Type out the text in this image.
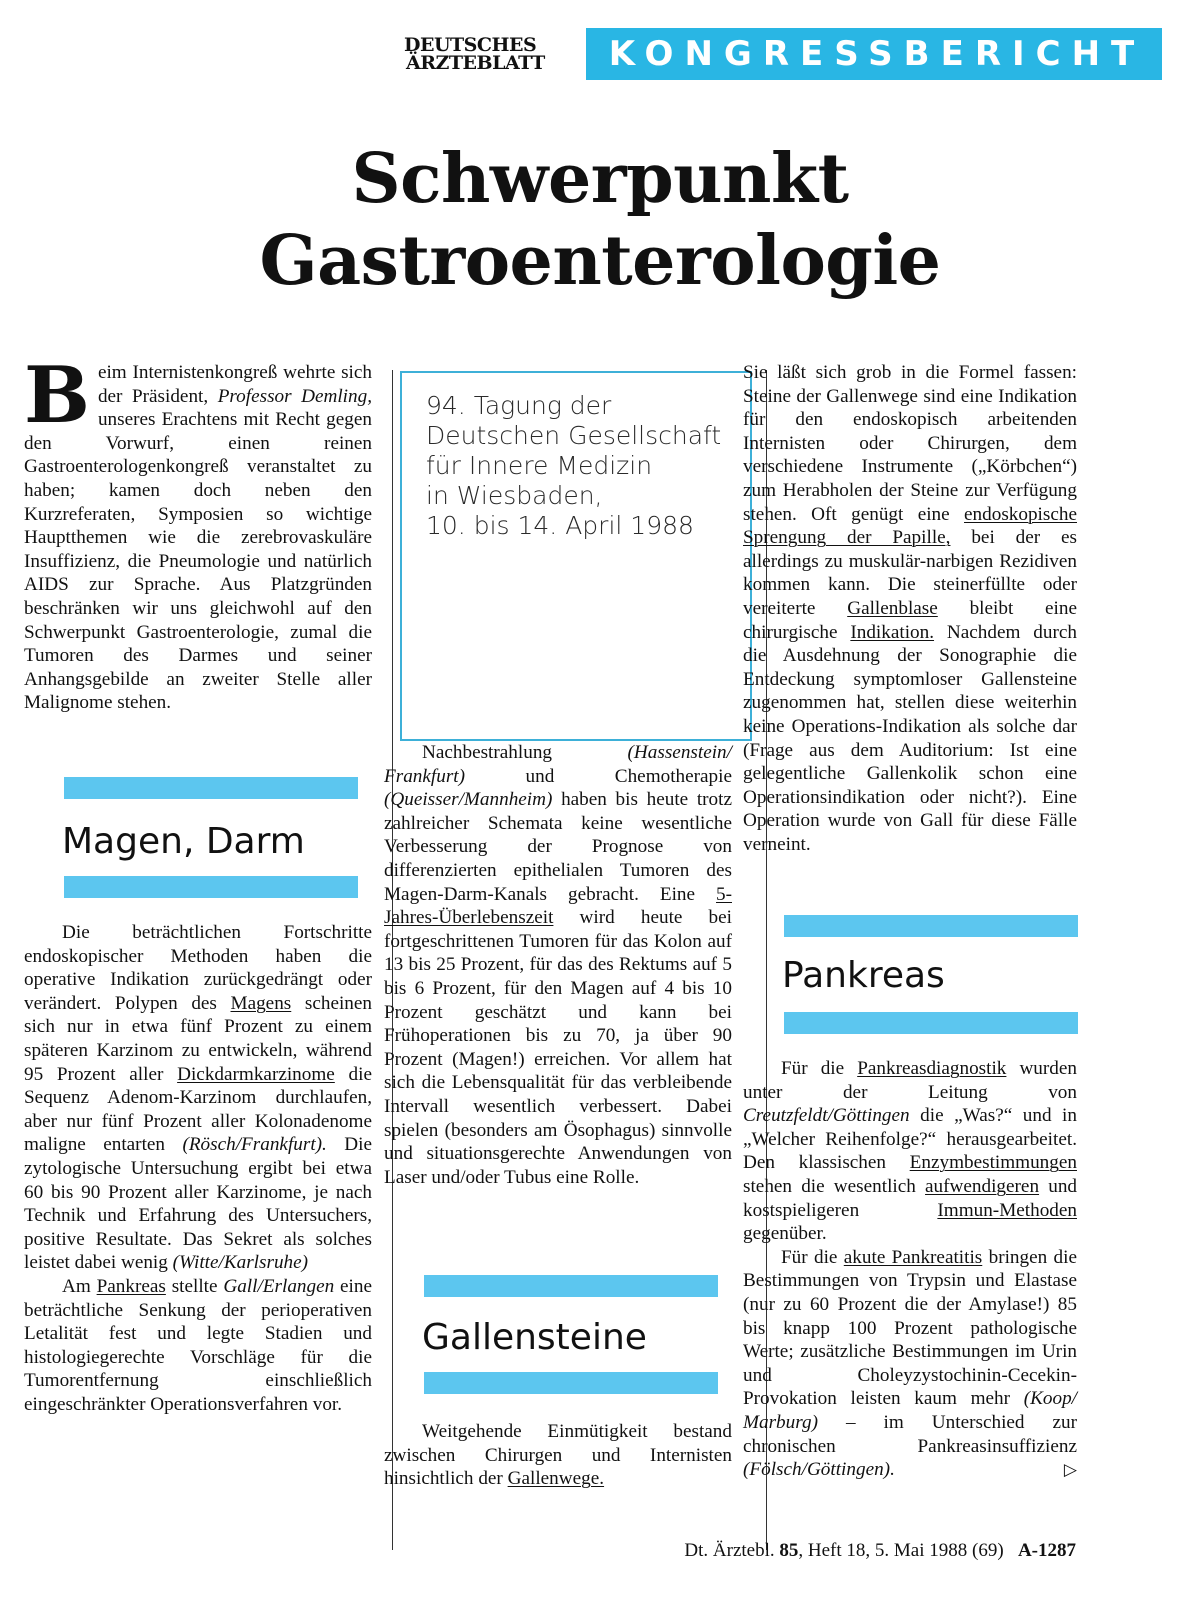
DEUTSCHES
ÄRZTEBLATT	KONGRESSBERICHT
Schwerpunkt
Gastroenterologie

Beim Internistenkongreß wehrte sich der Präsident, Professor Demling, unseres Erachtens mit Recht gegen den Vorwurf, einen reinen Gastroenterologenkongreß veranstaltet zu haben; kamen doch neben den Kurzreferaten, Symposien so wichtige Hauptthemen wie die zerebrovaskuläre Insuffizienz, die Pneumologie und natürlich AIDS zur Sprache. Aus Platzgründen beschränken wir uns gleichwohl auf den Schwerpunkt Gastroenterologie, zumal die Tumoren des Darmes und seiner Anhangsgebilde an zweiter Stelle aller Malignome stehen.

Magen, Darm

Die beträchtlichen Fortschritte endoskopischer Methoden haben die operative Indikation zurückgedrängt oder verändert. Polypen des Magens scheinen sich nur in etwa fünf Prozent zu einem späteren Karzinom zu entwickeln, während 95 Prozent aller Dickdarmkarzinome die Sequenz Adenom-Karzinom durchlaufen, aber nur fünf Prozent aller Kolonadenome maligne entarten (Rösch/Frankfurt). Die zytologische Untersuchung ergibt bei etwa 60 bis 90 Prozent aller Karzinome, je nach Technik und Erfahrung des Untersuchers, positive Resultate. Das Sekret als solches leistet dabei wenig (Witte/Karlsruhe)

Am Pankreas stellte Gall/Erlangen eine beträchtliche Senkung der perioperativen Letalität fest und legte Stadien und histologiegerechte Vorschläge für die Tumorentfernung einschließlich eingeschränkter Operationsverfahren vor.

94. Tagung der
Deutschen Gesellschaft
für Innere Medizin
in Wiesbaden,
10. bis 14. April 1988

Nachbestrahlung (Hassenstein/ Frankfurt) und Chemotherapie (Queisser/Mannheim) haben bis heute trotz zahlreicher Schemata keine wesentliche Verbesserung der Prognose von differenzierten epithelialen Tumoren des Magen-Darm-Kanals gebracht. Eine 5-Jahres-Überlebenszeit wird heute bei fortgeschrittenen Tumoren für das Kolon auf 13 bis 25 Prozent, für das des Rektums auf 5 bis 6 Prozent, für den Magen auf 4 bis 10 Prozent geschätzt und kann bei Frühoperationen bis zu 70, ja über 90 Prozent (Magen!) erreichen. Vor allem hat sich die Lebensqualität für das verbleibende Intervall wesentlich verbessert. Dabei spielen (besonders am Ösophagus) sinnvolle und situationsgerechte Anwendungen von Laser und/oder Tubus eine Rolle.

Gallensteine

Weitgehende Einmütigkeit bestand zwischen Chirurgen und Internisten hinsichtlich der Gallenwege.

Sie läßt sich grob in die Formel fassen: Steine der Gallenwege sind eine Indikation für den endoskopisch arbeitenden Internisten oder Chirurgen, dem verschiedene Instrumente („Körbchen“) zum Herabholen der Steine zur Verfügung stehen. Oft genügt eine endoskopische Sprengung der Papille, bei der es allerdings zu muskulär-narbigen Rezidiven kommen kann. Die steinerfüllte oder vereiterte Gallenblase bleibt eine chirurgische Indikation. Nachdem durch die Ausdehnung der Sonographie die Entdeckung symptomloser Gallensteine zugenommen hat, stellen diese weiterhin keine Operations-Indikation als solche dar (Frage aus dem Auditorium: Ist eine gelegentliche Gallenkolik schon eine Operationsindikation oder nicht?). Eine Operation wurde von Gall für diese Fälle verneint.

Pankreas

Für die Pankreasdiagnostik wurden unter der Leitung von Creutzfeldt/Göttingen die „Was?“ und in „Welcher Reihenfolge?“ herausgearbeitet. Den klassischen Enzymbestimmungen stehen die wesentlich aufwendigeren und kostspieligeren Immun-Methoden gegenüber.

Für die akute Pankreatitis bringen die Bestimmungen von Trypsin und Elastase (nur zu 60 Prozent die der Amylase!) 85 bis knapp 100 Prozent pathologische Werte; zusätzliche Bestimmungen im Urin und Choleyzystochinin-Cecekin-Provokation leisten kaum mehr (Koop/ Marburg) – im Unterschied zur chronischen Pankreasinsuffizienz (Fölsch/Göttingen).	▷

Dt. Ärztebl. 85, Heft 18, 5. Mai 1988 (69) A-1287
